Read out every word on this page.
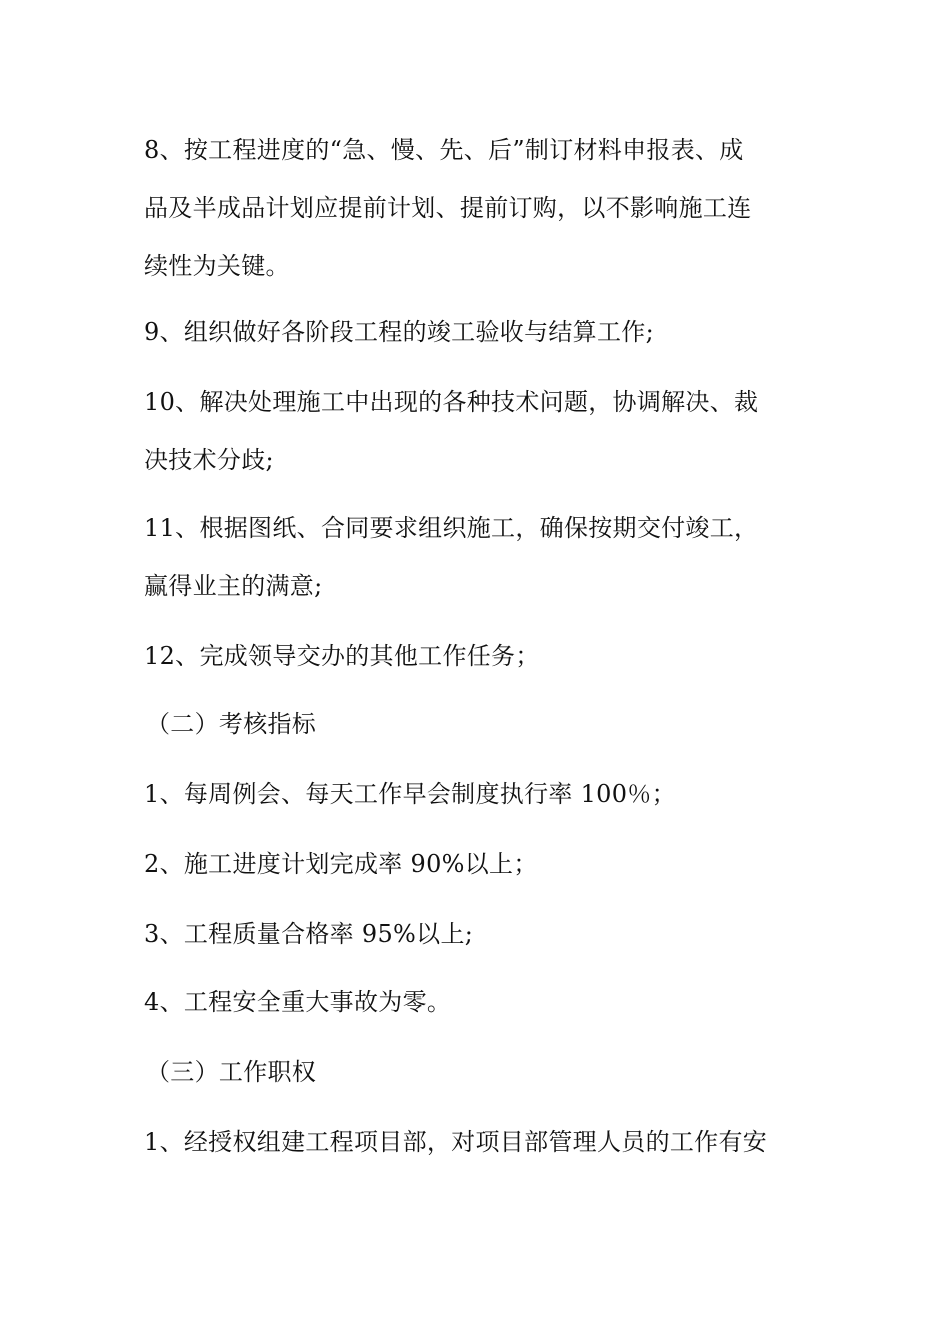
8、按工程进度的“急、慢、先、后”制订材料申报表、成
品及半成品计划应提前计划、提前订购，以不影响施工连
续性为关键。
9、组织做好各阶段工程的竣工验收与结算工作;
10、解决处理施工中出现的各种技术问题，协调解决、裁
决技术分歧;
11、根据图纸、合同要求组织施工，确保按期交付竣工，
赢得业主的满意;
12、完成领导交办的其他工作任务；
（二）考核指标
1、每周例会、每天工作早会制度执行率 100％；
2、施工进度计划完成率 90%以上；
3、工程质量合格率 95%以上;
4、工程安全重大事故为零。
（三）工作职权
1、经授权组建工程项目部，对项目部管理人员的工作有安
